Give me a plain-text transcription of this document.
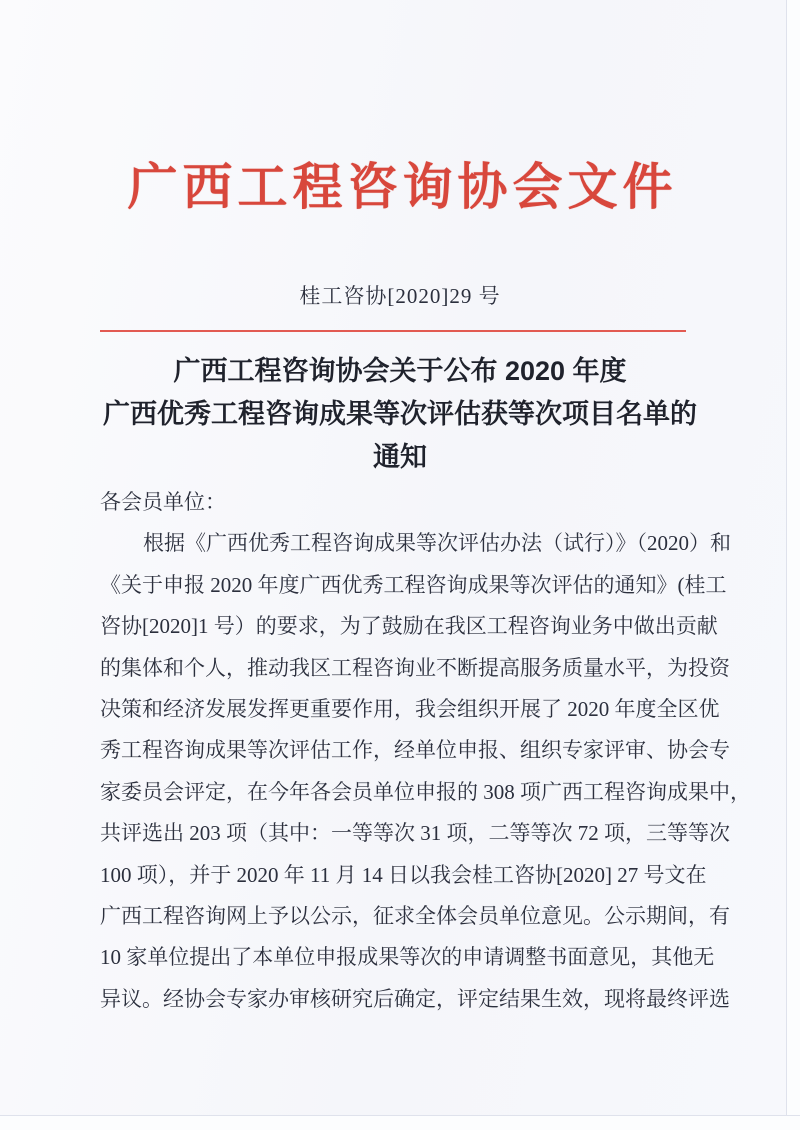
广西工程咨询协会文件
桂工咨协[2020]29 号
广西工程咨询协会关于公布 2020 年度
广西优秀工程咨询成果等次评估获等次项目名单的
通知
各会员单位：
根据《广西优秀工程咨询成果等次评估办法（试行）》（2020）和
《关于申报 2020 年度广西优秀工程咨询成果等次评估的通知》(桂工
咨协[2020]1 号）的要求，为了鼓励在我区工程咨询业务中做出贡献
的集体和个人，推动我区工程咨询业不断提高服务质量水平，为投资
决策和经济发展发挥更重要作用，我会组织开展了 2020 年度全区优
秀工程咨询成果等次评估工作，经单位申报、组织专家评审、协会专
家委员会评定，在今年各会员单位申报的 308 项广西工程咨询成果中，
共评选出 203 项（其中：一等等次 31 项，二等等次 72 项，三等等次
100 项），并于 2020 年 11 月 14 日以我会桂工咨协[2020] 27 号文在
广西工程咨询网上予以公示，征求全体会员单位意见。公示期间，有
10 家单位提出了本单位申报成果等次的申请调整书面意见，其他无
异议。经协会专家办审核研究后确定，评定结果生效，现将最终评选
